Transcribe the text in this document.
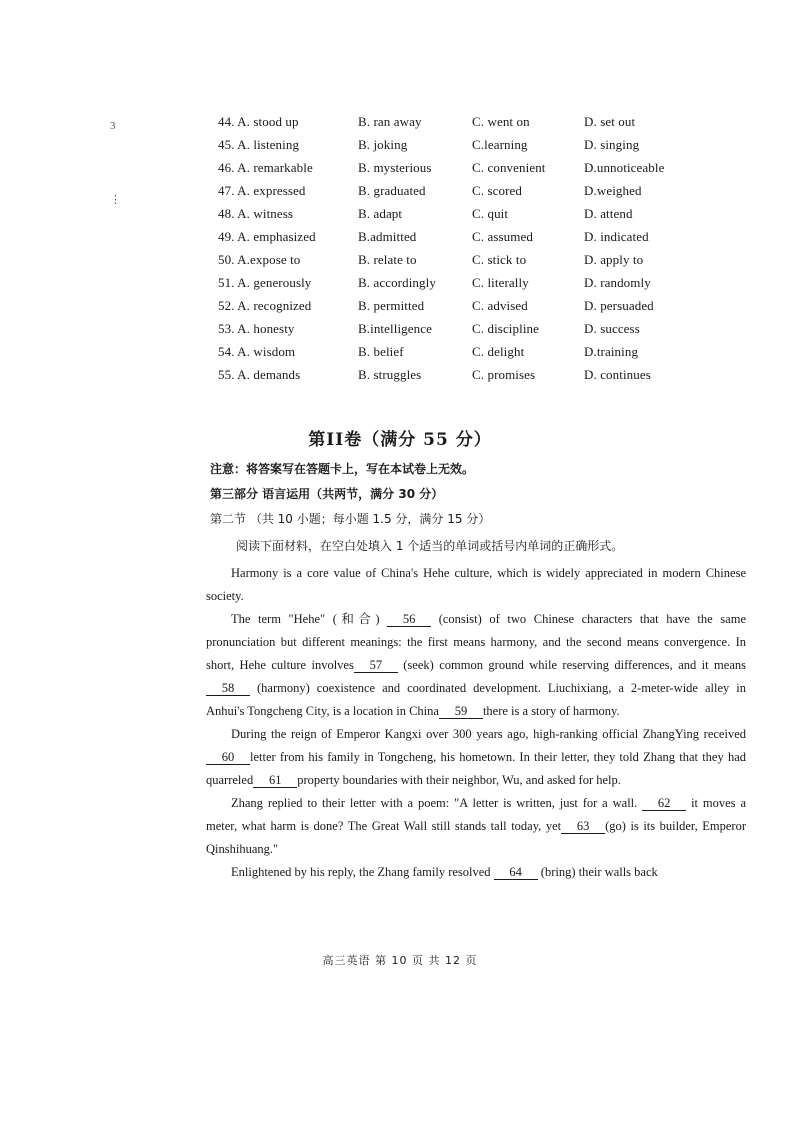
3
⋮
44. A. stood up	B. ran away	C. went on	D. set out
45. A. listening	B. joking	C.learning	D. singing
46. A. remarkable	B. mysterious	C. convenient	D.unnoticeable
47. A. expressed	B. graduated	C. scored	D.weighed
48. A. witness	B. adapt	C. quit	D. attend
49. A. emphasized	B.admitted	C. assumed	D. indicated
50. A.expose to	B. relate to	C. stick to	D. apply to
51. A. generously	B. accordingly	C. literally	D. randomly
52. A. recognized	B. permitted	C. advised	D. persuaded
53. A. honesty	B.intelligence	C. discipline	D. success
54. A. wisdom	B. belief	C. delight	D.training
55. A. demands	B. struggles	C. promises	D. continues
第II卷（满分 55 分）
注意：将答案写在答题卡上，写在本试卷上无效。
第三部分 语言运用（共两节，满分 30 分）
第二节 （共 10 小题；每小题 1.5 分，满分 15 分）
阅读下面材料，在空白处填入 1 个适当的单词或括号内单词的正确形式。

Harmony is a core value of China's Hehe culture, which is widely appreciated in modern Chinese society.

The term "Hehe" (和合) 56 (consist) of two Chinese characters that have the same pronunciation but different meanings: the first means harmony, and the second means convergence. In short, Hehe culture involves 57 (seek) common ground while reserving differences, and it means 58 (harmony) coexistence and coordinated development. Liuchixiang, a 2-meter-wide alley in Anhui's Tongcheng City, is a location in China 59 there is a story of harmony.

During the reign of Emperor Kangxi over 300 years ago, high-ranking official ZhangYing received60 letter from his family in Tongcheng, his hometown. In their letter, they told Zhang that they had quarreled 61 property boundaries with their neighbor, Wu, and asked for help.

Zhang replied to their letter with a poem: "A letter is written, just for a wall. 62 it moves a meter, what harm is done? The Great Wall still stands tall today, yet 63 (go) is its builder, Emperor Qinshihuang."

Enlightened by his reply, the Zhang family resolved 64 (bring) their walls back

高三英语 第 10 页 共 12 页
